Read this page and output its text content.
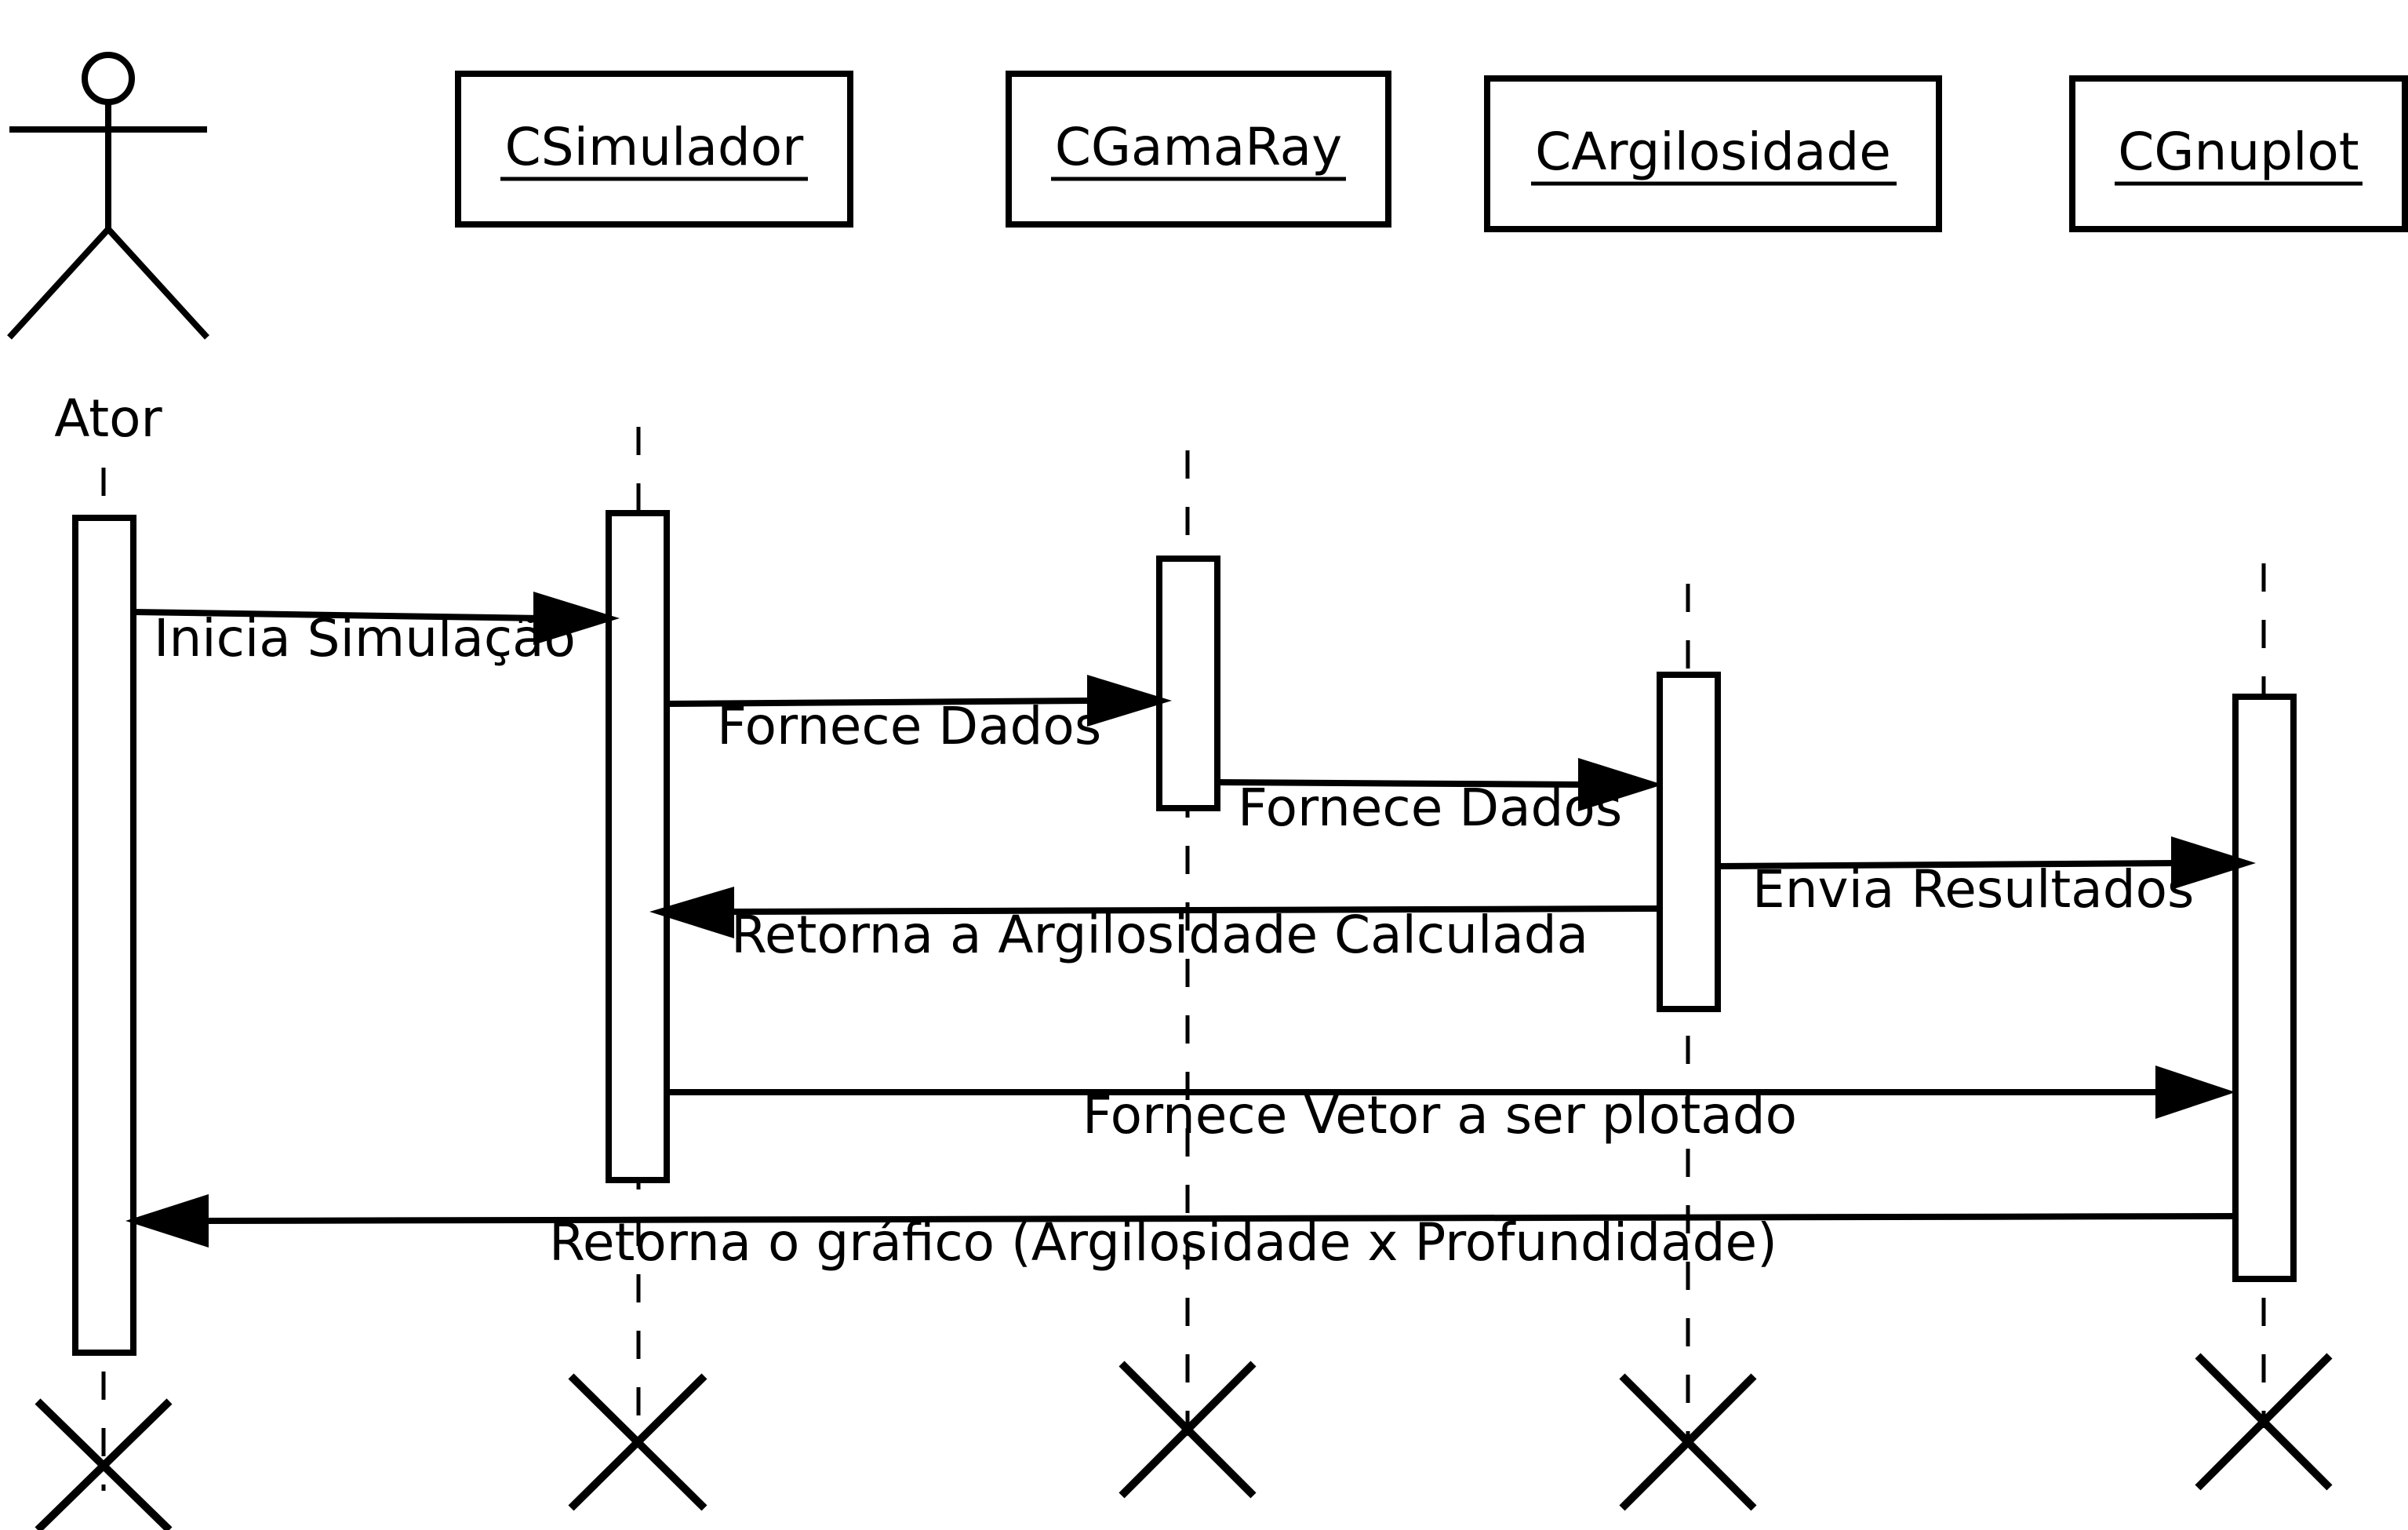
Ator
CSimulador	CGamaRay	CArgilosidade	CGnuplot
Inicia Simulação
Fornece Dados
Fornece Dados
Envia Resultados
Retorna a Argilosidade Calculada
Fornece Vetor a ser plotado
Retorna o gráfico (Argilosidade x Profundidade)
